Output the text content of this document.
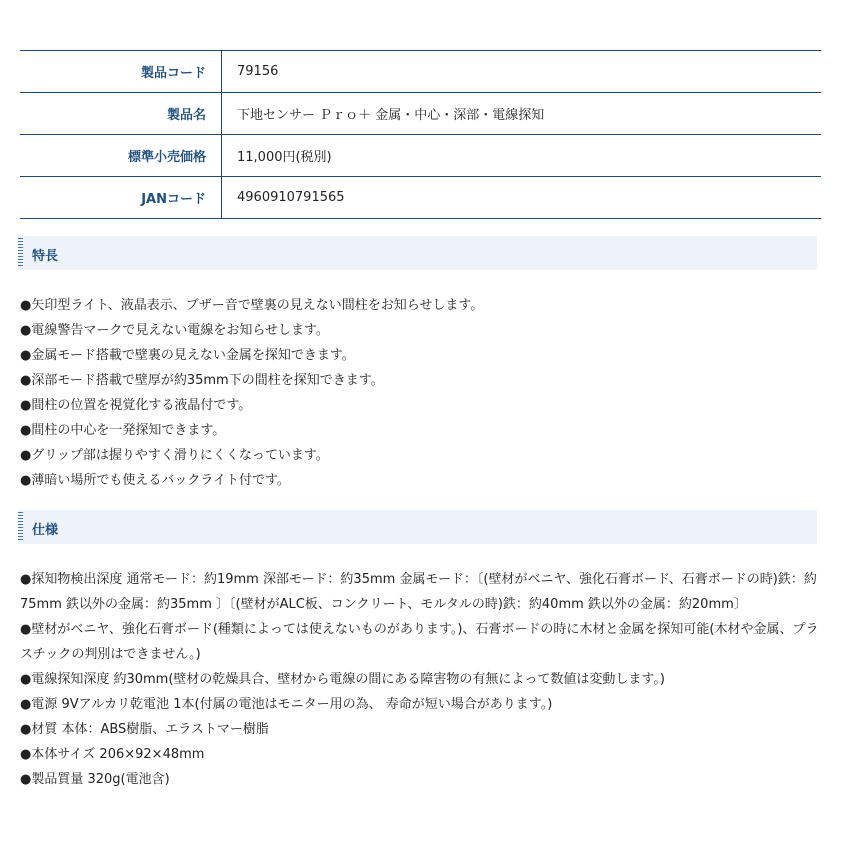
製品コード	79156
製品名	下地センサー Ｐｒｏ＋ 金属・中心・深部・電線探知
標準小売価格	11,000円(税別)
JANコード	4960910791565
特長
●矢印型ライト、液晶表示、ブザー音で壁裏の見えない間柱をお知らせします。
●電線警告マークで見えない電線をお知らせします。
●金属モード搭載で壁裏の見えない金属を探知できます。
●深部モード搭載で壁厚が約35mm下の間柱を探知できます。
●間柱の位置を視覚化する液晶付です。
●間柱の中心を一発探知できます。
●グリップ部は握りやすく滑りにくくなっています。
●薄暗い場所でも使えるバックライト付です。
仕様
●探知物検出深度 通常モード：約19mm 深部モード：約35mm 金属モード：〔(壁材がベニヤ、強化石膏ボード、石膏ボードの時)鉄：約75mm 鉄以外の金属：約35mm 〕〔(壁材がALC板、コンクリート、モルタルの時)鉄：約40mm 鉄以外の金属：約20mm〕
●壁材がベニヤ、強化石膏ボード(種類によっては使えないものがあります。)、石膏ボードの時に木材と金属を探知可能(木材や金属、プラスチックの判別はできません。)
●電線探知深度 約30mm(壁材の乾燥具合、壁材から電線の間にある障害物の有無によって数値は変動します。)
●電源 9Vアルカリ乾電池 1本(付属の電池はモニター用の為、 寿命が短い場合があります。)
●材質 本体：ABS樹脂、エラストマー樹脂
●本体サイズ 206×92×48mm
●製品質量 320g(電池含)
